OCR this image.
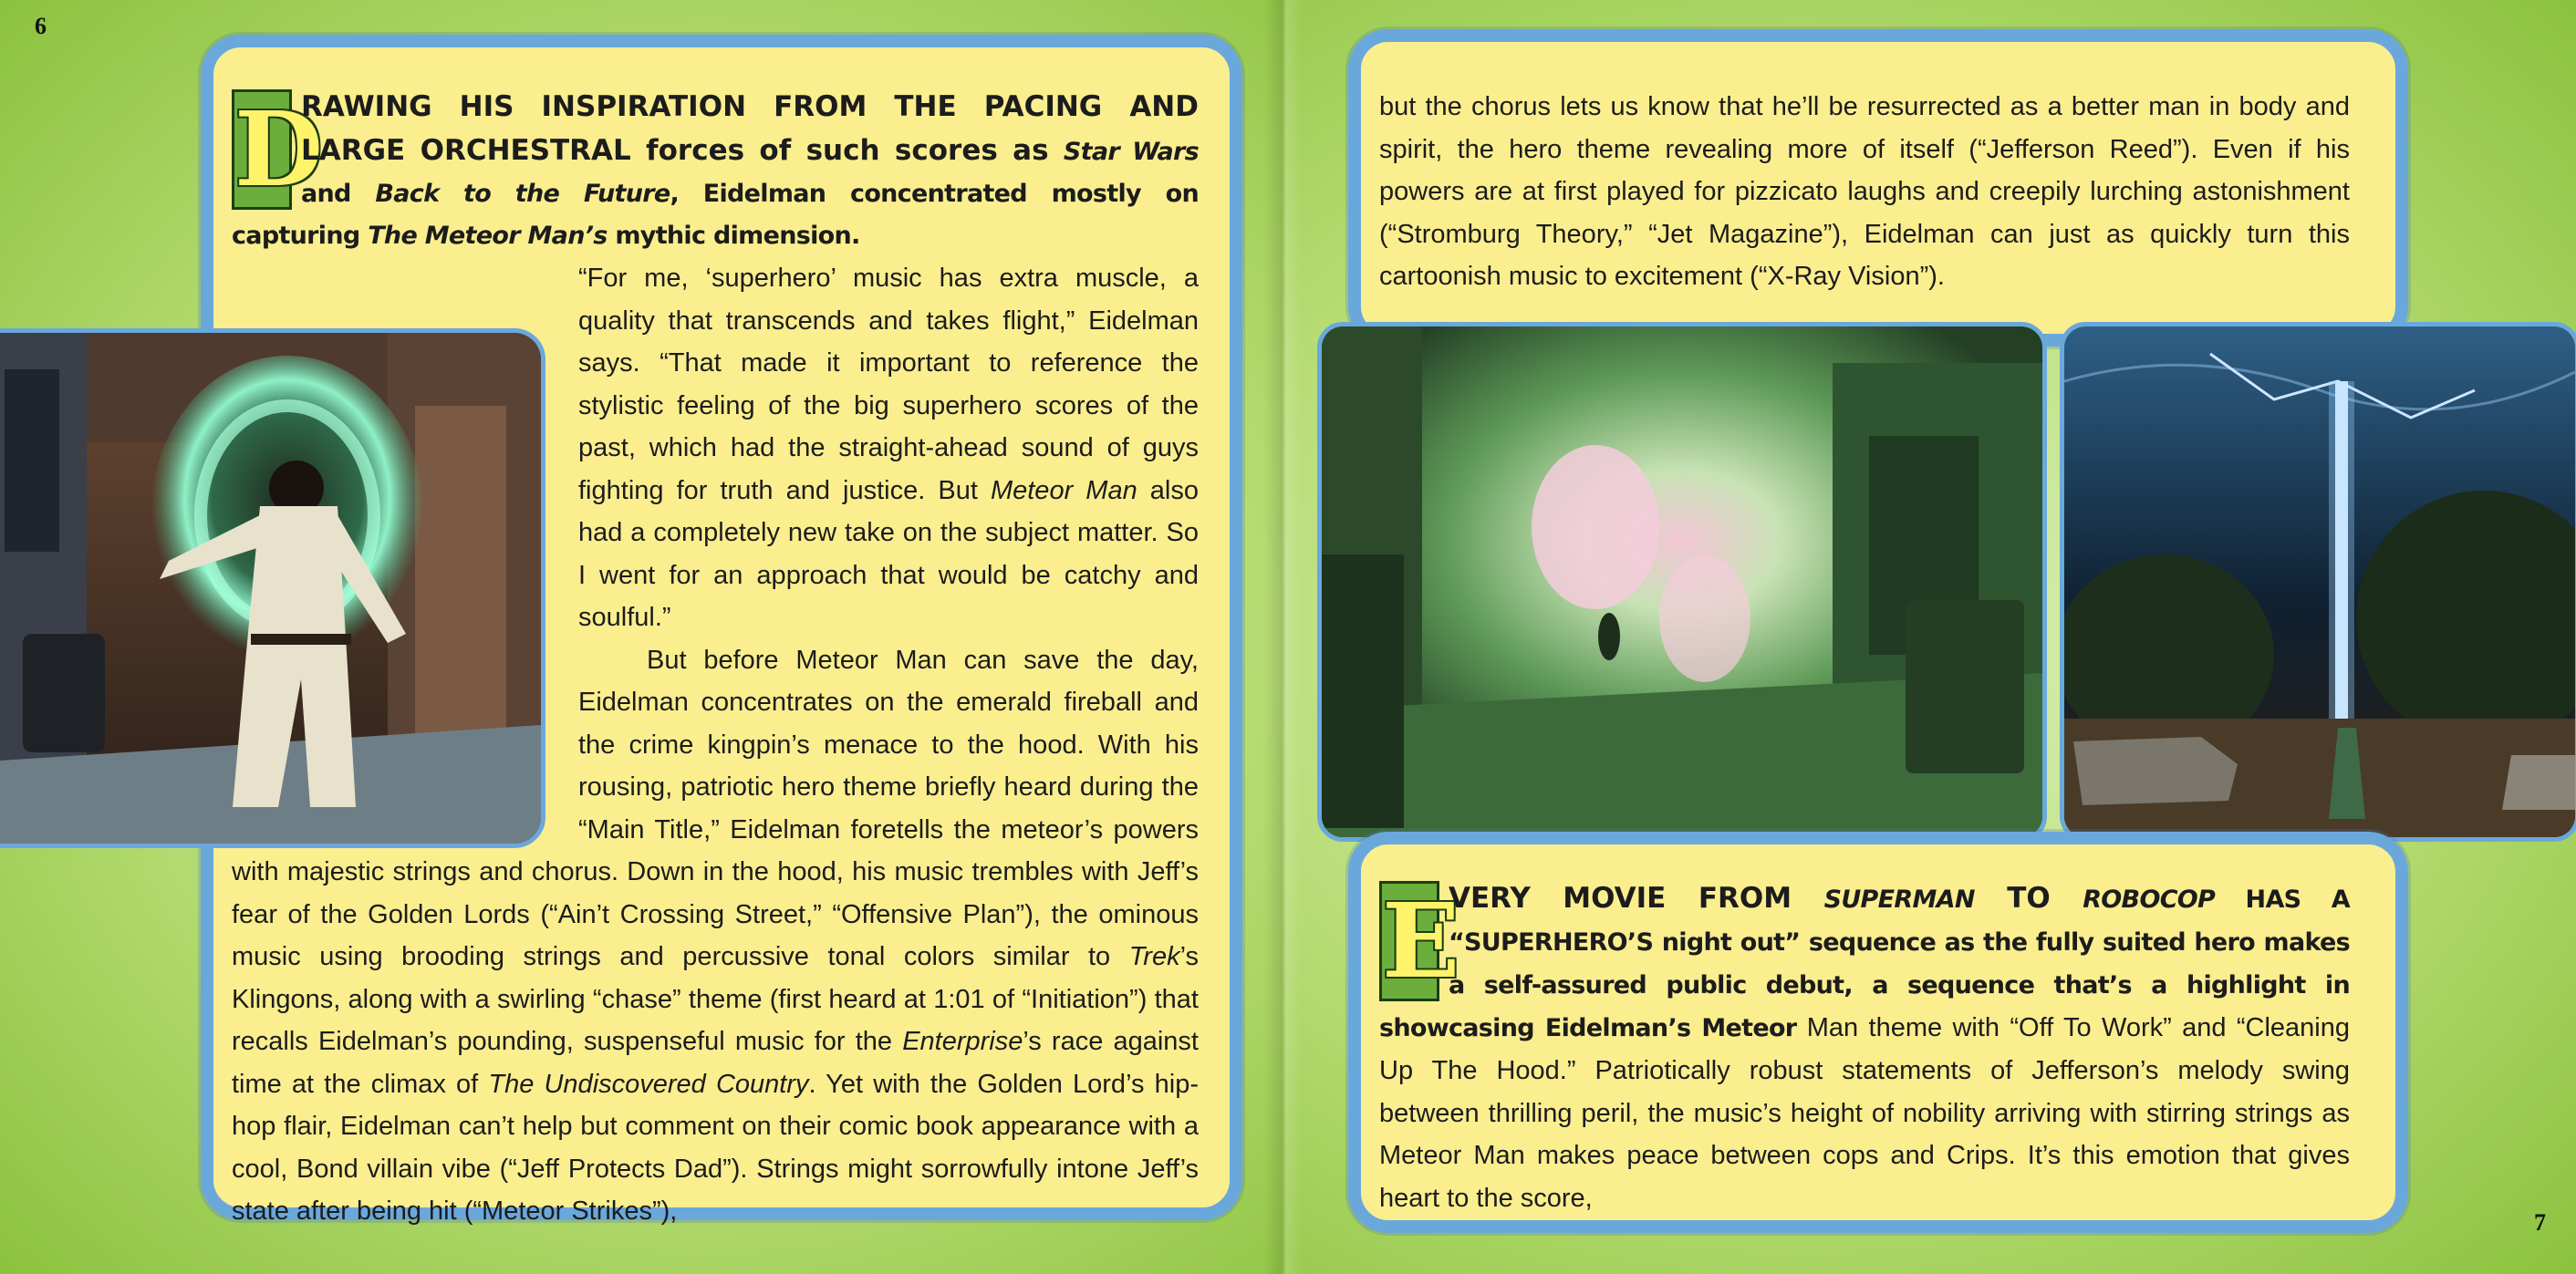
6

D
RAWING HIS INSPIRATION FROM THE PACING AND LARGE ORCHESTRAL forces of such scores as Star Wars and Back to the Future, Eidelman concentrated mostly on capturing The Meteor Man’s mythic dimension.

“For me, ‘superhero’ music has extra muscle, a quality that transcends and takes flight,” Eidelman says. “That made it important to reference the stylistic feeling of the big superhero scores of the past, which had the straight-ahead sound of guys fighting for truth and justice. But Meteor Man also had a completely new take on the subject matter. So I went for an approach that would be catchy and soulful.”

But before Meteor Man can save the day, Eidelman concentrates on the emerald fireball and the crime kingpin’s menace to the hood. With his rousing, patriotic hero theme briefly heard during the “Main Title,” Eidelman foretells the meteor’s powers with majestic strings and chorus. Down in the hood, his music trembles with Jeff’s fear of the Golden Lords (“Ain’t Crossing Street,” “Offensive Plan”), the ominous music using brooding strings and percussive tonal colors similar to Trek’s Klingons, along with a swirling “chase” theme (first heard at 1:01 of “Initiation”) that recalls Eidelman’s pounding, suspenseful music for the Enterprise’s race against time at the climax of The Undiscovered Country. Yet with the Golden Lord’s hip-hop flair, Eidelman can’t help but comment on their comic book appearance with a cool, Bond villain vibe (“Jeff Protects Dad”). Strings might sorrowfully intone Jeff’s state after being hit (“Meteor Strikes”),	7

but the chorus lets us know that he’ll be resurrected as a better man in body and spirit, the hero theme revealing more of itself (“Jefferson Reed”). Even if his powers are at first played for pizzicato laughs and creepily lurching astonishment (“Stromburg Theory,” “Jet Magazine”), Eidelman can just as quickly turn this cartoonish music to excitement (“X-Ray Vision”).

E
VERY MOVIE FROM SUPERMAN TO ROBOCOP HAS A “SUPERHERO’S night out” sequence as the fully suited hero makes a self-assured public debut, a sequence that’s a highlight in showcasing Eidelman’s Meteor Man theme with “Off To Work” and “Cleaning Up The Hood.” Patriotically robust statements of Jefferson’s melody swing between thrilling peril, the music’s height of nobility arriving with stirring strings as Meteor Man makes peace between cops and Crips. It’s this emotion that gives heart to the score,
